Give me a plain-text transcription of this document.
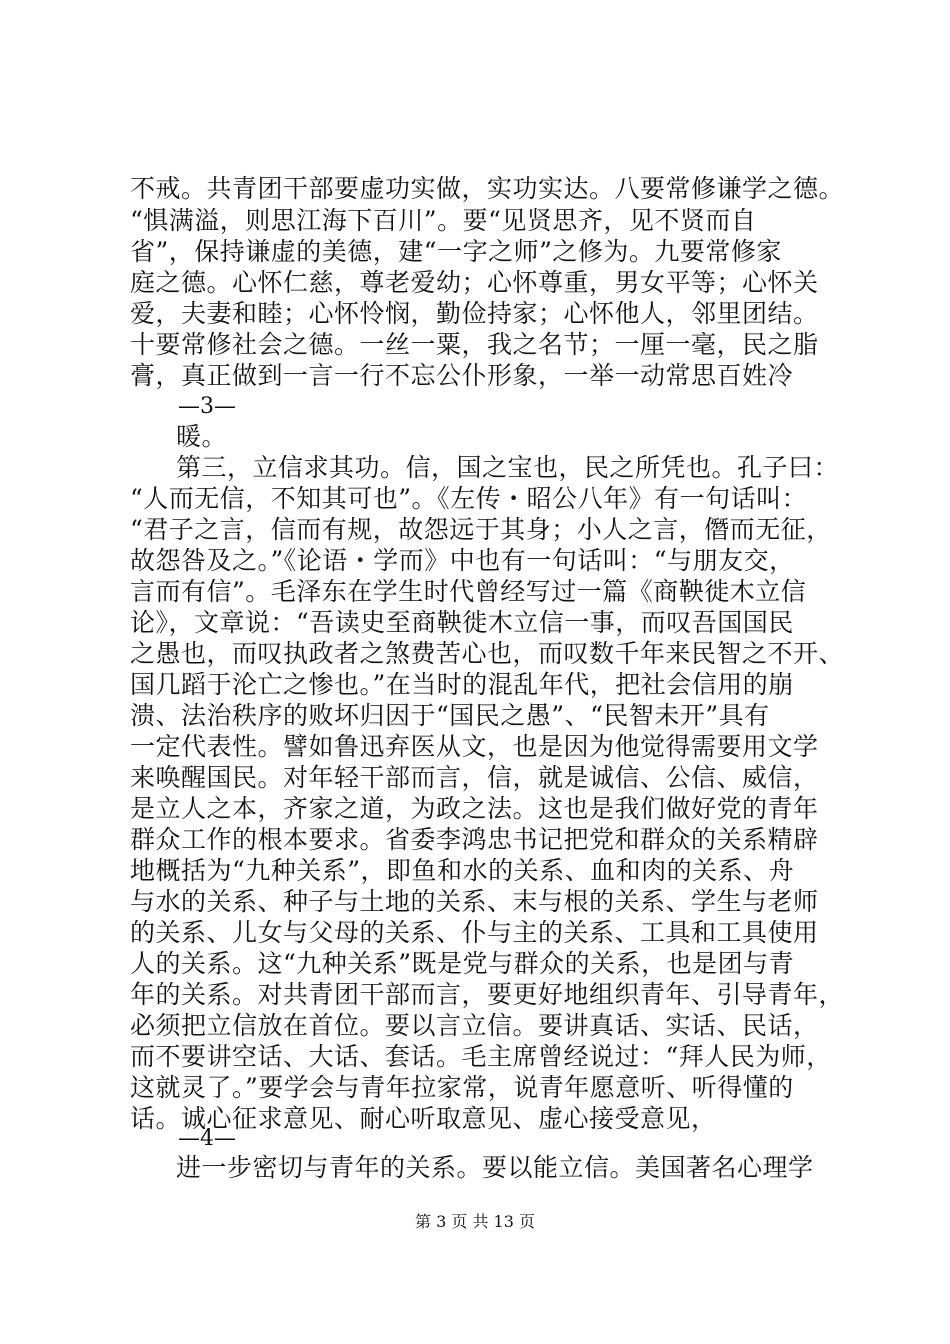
不戒。共青团干部要虚功实做，实功实达。八要常修谦学之德。
“惧满溢，则思江海下百川”。要“见贤思齐，见不贤而自
省”，保持谦虚的美德，建“一字之师”之修为。九要常修家
庭之德。心怀仁慈，尊老爱幼；心怀尊重，男女平等；心怀关
爱，夫妻和睦；心怀怜悯，勤俭持家；心怀他人，邻里团结。
十要常修社会之德。一丝一粟，我之名节；一厘一毫，民之脂
膏，真正做到一言一行不忘公仆形象，一举一动常思百姓冷
—3—
暖。
第三，立信求其功。信，国之宝也，民之所凭也。孔子曰：
“人而无信，不知其可也”。《左传・昭公八年》有一句话叫：
“君子之言，信而有规，故怨远于其身；小人之言，僭而无征，
故怨咎及之。”《论语・学而》中也有一句话叫：“与朋友交，
言而有信”。毛泽东在学生时代曾经写过一篇《商鞅徙木立信
论》，文章说：“吾读史至商鞅徙木立信一事，而叹吾国国民
之愚也，而叹执政者之煞费苦心也，而叹数千年来民智之不开、
国几蹈于沦亡之惨也。”在当时的混乱年代，把社会信用的崩
溃、法治秩序的败坏归因于“国民之愚”、“民智未开”具有
一定代表性。譬如鲁迅弃医从文，也是因为他觉得需要用文学
来唤醒国民。对年轻干部而言，信，就是诚信、公信、威信，
是立人之本，齐家之道，为政之法。这也是我们做好党的青年
群众工作的根本要求。省委李鸿忠书记把党和群众的关系精辟
地概括为“九种关系”，即鱼和水的关系、血和肉的关系、舟
与水的关系、种子与土地的关系、末与根的关系、学生与老师
的关系、儿女与父母的关系、仆与主的关系、工具和工具使用
人的关系。这“九种关系”既是党与群众的关系，也是团与青
年的关系。对共青团干部而言，要更好地组织青年、引导青年，
必须把立信放在首位。要以言立信。要讲真话、实话、民话，
而不要讲空话、大话、套话。毛主席曾经说过：“拜人民为师，
这就灵了。”要学会与青年拉家常，说青年愿意听、听得懂的
话。诚心征求意见、耐心听取意见、虚心接受意见，
—4—
进一步密切与青年的关系。要以能立信。美国著名心理学
第 3 页 共 13 页
